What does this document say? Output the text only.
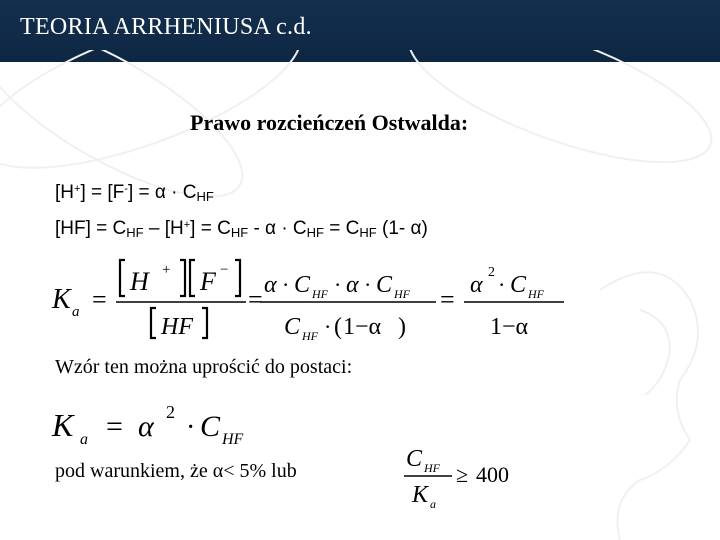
TEORIA ARRHENIUSA c.d.
Prawo rozcieńczeń Ostwalda:
$[H^+] = [F^-] = \alpha \cdot C_{HF}$
$[HF] = C_{HF} - [H^+] = C_{HF} - \alpha \cdot C_{HF} = C_{HF}$ (1- α)
K a =
H + F −
HF
= α · C HF · α · C HF
C HF · ( 1−α )
= α 2 · C HF
1−α
Wzór ten można uprościć do postaci:
K a = α 2 · C HF
pod warunkiem, że α< 5% lub	C HF
K a
≥ 400
